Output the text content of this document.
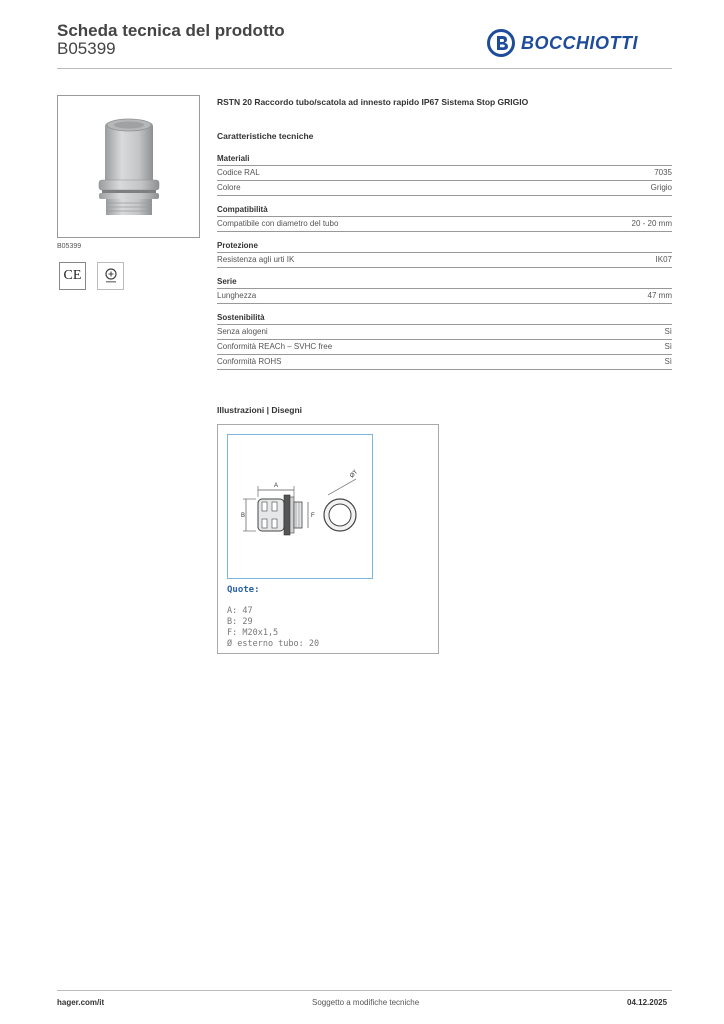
Scheda tecnica del prodotto
B05399	BOCCHIOTTI
B05399
CE
RSTN 20 Raccordo tubo/scatola ad innesto rapido IP67 Sistema Stop GRIGIO
Caratteristiche tecniche
Materiali
Codice RAL	7035
Colore	Grigio
Compatibilità
Compatibile con diametro del tubo	20 - 20 mm
Protezione
Resistenza agli urti IK	IK07
Serie
Lunghezza	47 mm
Sostenibilità
Senza alogeni	Sì
Conformità REACh – SVHC free	Sì
Conformità ROHS	Sì
Illustrazioni | Disegni
A
B	F
ØT
Quote:
A: 47
B: 29
F: M20x1,5
Ø esterno tubo: 20
hager.com/it	Soggetto a modifiche tecniche	04.12.2025
